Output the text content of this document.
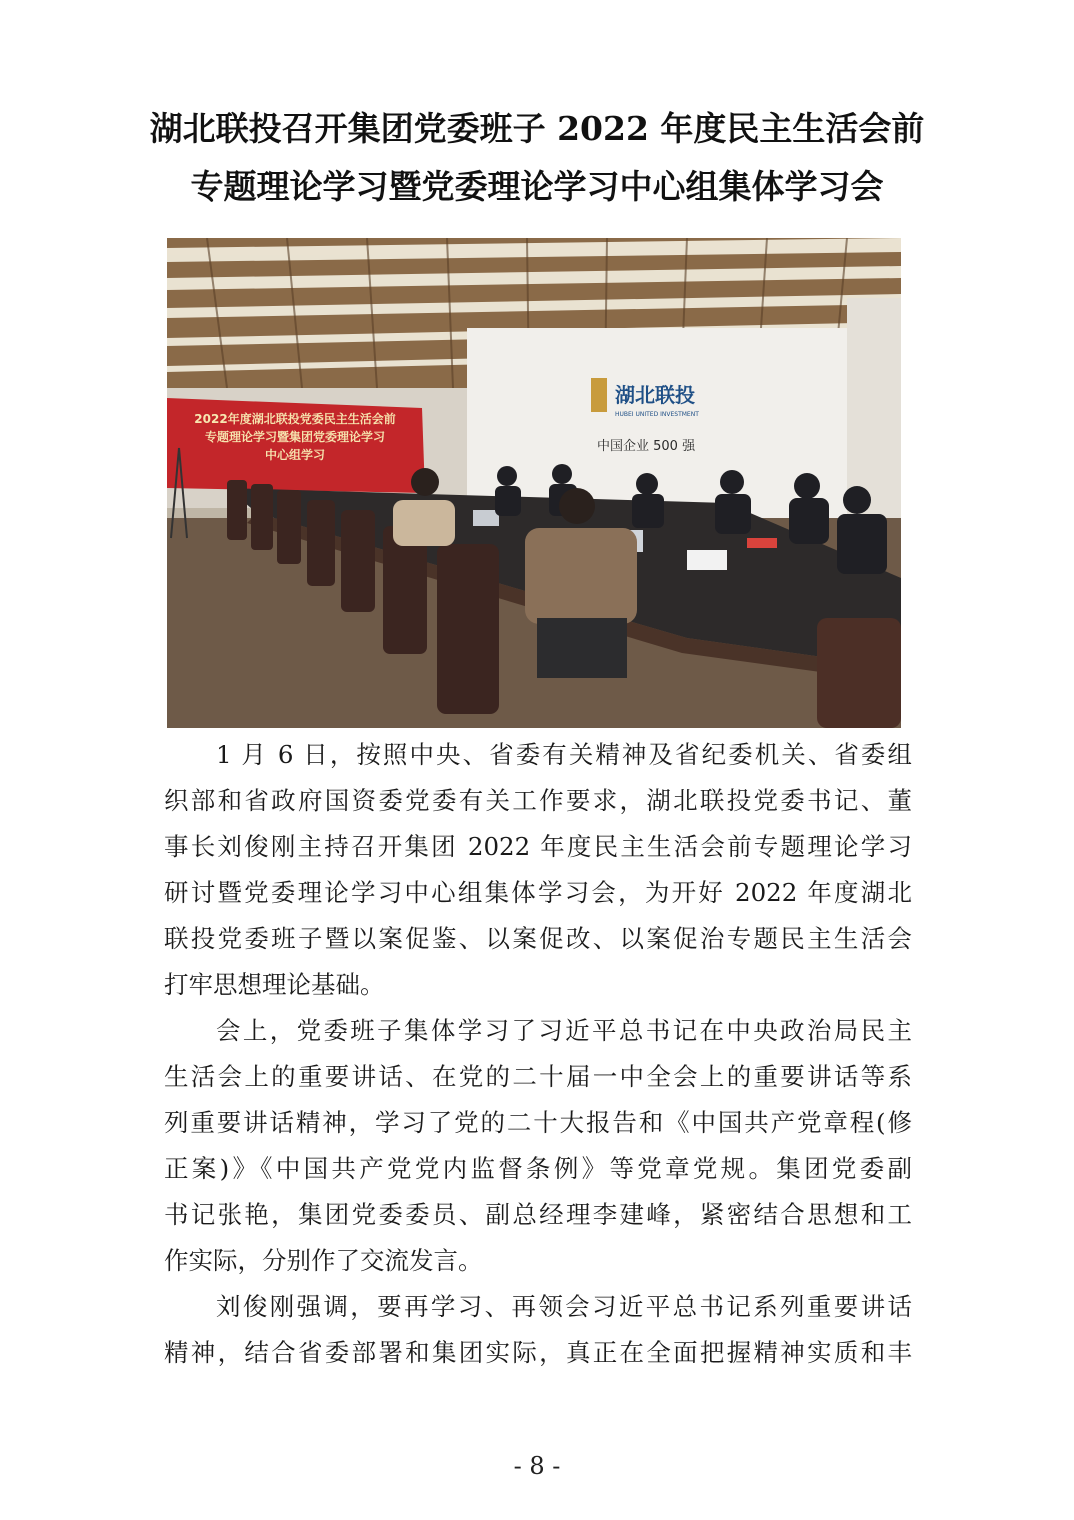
湖北联投召开集团党委班子 2022 年度民主生活会前
专题理论学习暨党委理论学习中心组集体学习会
2022年度湖北联投党委民主生活会前
专题理论学习暨集团党委理论学习
中心组学习
湖北联投
HUBEI UNITED INVESTMENT
中国企业 500 强
1 月 6 日，按照中央、省委有关精神及省纪委机关、省委组
织部和省政府国资委党委有关工作要求，湖北联投党委书记、董
事长刘俊刚主持召开集团 2022 年度民主生活会前专题理论学习
研讨暨党委理论学习中心组集体学习会，为开好 2022 年度湖北
联投党委班子暨以案促鉴、以案促改、以案促治专题民主生活会
打牢思想理论基础。
会上，党委班子集体学习了习近平总书记在中央政治局民主
生活会上的重要讲话、在党的二十届一中全会上的重要讲话等系
列重要讲话精神，学习了党的二十大报告和《中国共产党章程(修
正案)》《中国共产党党内监督条例》等党章党规。集团党委副
书记张艳，集团党委委员、副总经理李建峰，紧密结合思想和工
作实际，分别作了交流发言。
刘俊刚强调，要再学习、再领会习近平总书记系列重要讲话
精神，结合省委部署和集团实际，真正在全面把握精神实质和丰
- 8 -
